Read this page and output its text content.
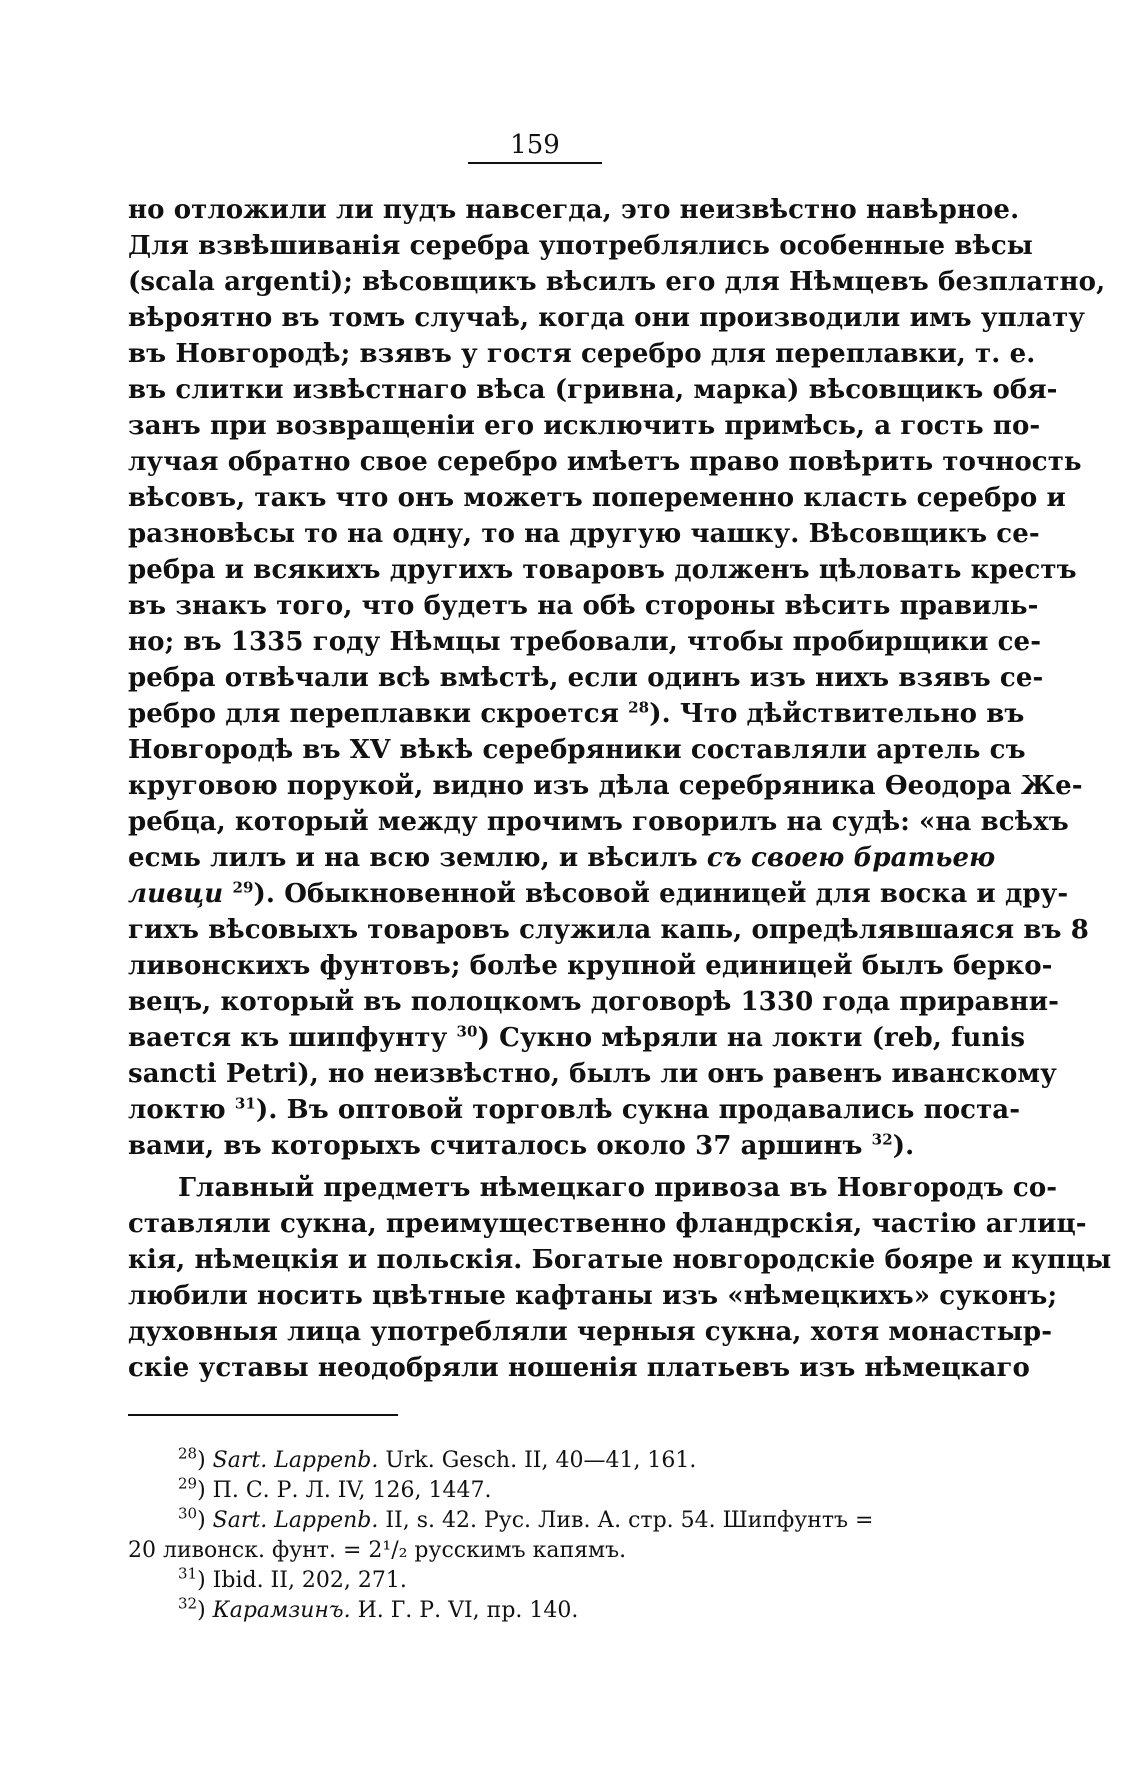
159
но отложили ли пудъ навсегда, это неизвѣстно навѣрное.
Для взвѣшиванія серебра употреблялись особенные вѣсы
(scala argenti); вѣсовщикъ вѣсилъ его для Нѣмцевъ безплатно,
вѣроятно въ томъ случаѣ, когда они производили имъ уплату
въ Новгородѣ; взявъ у гостя серебро для переплавки, т. е.
въ слитки извѣстнаго вѣса (гривна, марка) вѣсовщикъ обя-
занъ при возвращеніи его исключить примѣсь, а гость по-
лучая обратно свое серебро имѣетъ право повѣрить точность
вѣсовъ, такъ что онъ можетъ попеременно класть серебро и
разновѣсы то на одну, то на другую чашку. Вѣсовщикъ се-
ребра и всякихъ другихъ товаровъ долженъ цѣловать крестъ
въ знакъ того, что будетъ на обѣ стороны вѣсить правиль-
но; въ 1335 году Нѣмцы требовали, чтобы пробирщики се-
ребра отвѣчали всѣ вмѣстѣ, если одинъ изъ нихъ взявъ се-
ребро для переплавки скроется $^{28}$). Что дѣйствительно въ
Новгородѣ въ XV вѣкѣ серебряники составляли артель съ
круговою порукой, видно изъ дѣла серебряника Ѳеодора Же-
ребца, который между прочимъ говорилъ на судѣ: «на всѣхъ
есмь лилъ и на всю землю, и вѣсилъ съ своею братьею
ливци $^{29}$). Обыкновенной вѣсовой единицей для воска и дру-
гихъ вѣсовыхъ товаровъ служила капь, опредѣлявшаяся въ 8
ливонскихъ фунтовъ; болѣе крупной единицей былъ берко-
вецъ, который въ полоцкомъ договорѣ 1330 года приравни-
вается къ шипфунту $^{30}$) Сукно мѣряли на локти (reb, funis
sancti Petri), но неизвѣстно, былъ ли онъ равенъ иванскому
локтю $^{31}$). Въ оптовой торговлѣ сукна продавались поста-
вами, въ которыхъ считалось около 37 аршинъ $^{32}$).
Главный предметъ нѣмецкаго привоза въ Новгородъ со-
ставляли сукна, преимущественно фландрскія, частію аглиц-
кія, нѣмецкія и польскія. Богатые новгородскіе бояре и купцы
любили носить цвѣтные кафтаны изъ «нѣмецкихъ» суконъ;
духовныя лица употребляли черныя сукна, хотя монастыр-
скіе уставы неодобряли ношенія платьевъ изъ нѣмецкаго
$^{28}$) Sart. Lappenb. Urk. Gesch. II, 40—41, 161.
$^{29}$) П. С. Р. Л. IV, 126, 1447.
$^{30}$) Sart. Lappenb. II, s. 42. Рус. Лив. А. стр. 54. Шипфунтъ =
20 ливонск. фунт. = 2¹/₂ русскимъ капямъ.
$^{31}$) Ibid. II, 202, 271.
$^{32}$) Карамзинъ. И. Г. Р. VI, пр. 140.
